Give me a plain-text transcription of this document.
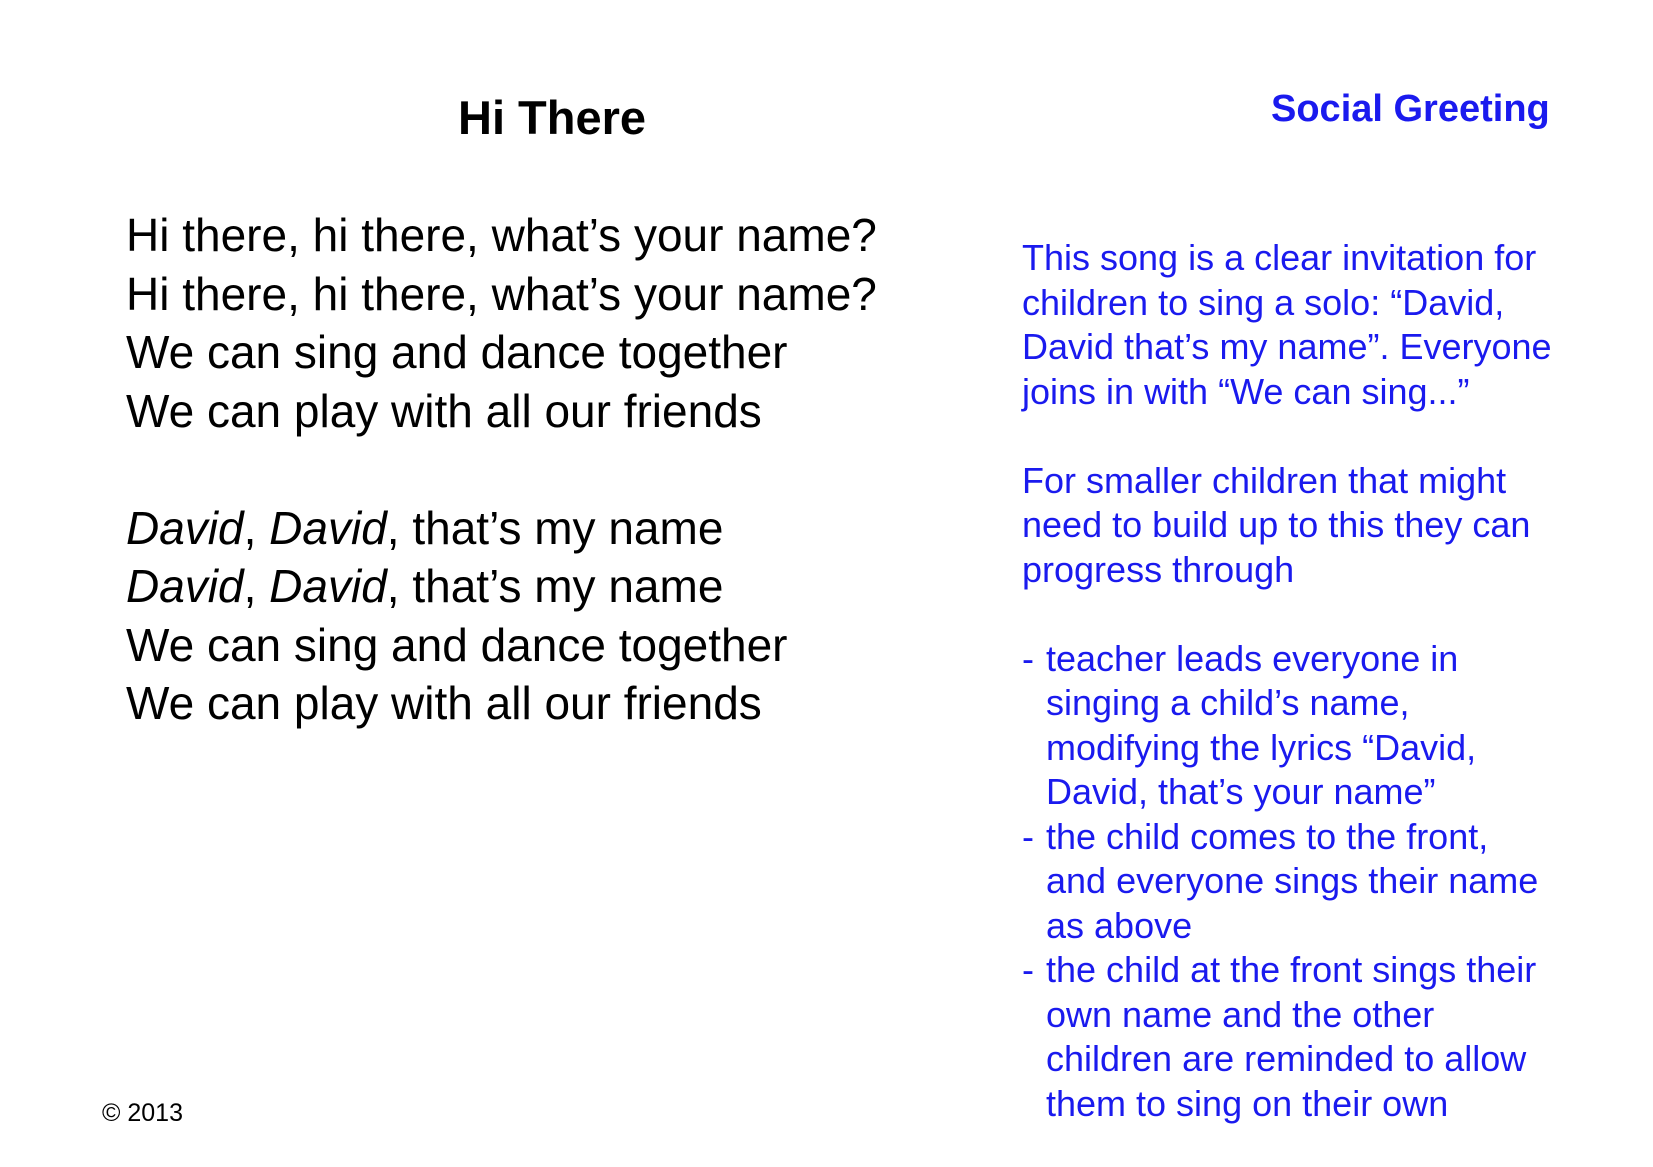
Hi There
Hi there, hi there, what’s your name?
Hi there, hi there, what’s your name?
We can sing and dance together
We can play with all our friends
David, David, that’s my name
David, David, that’s my name
We can sing and dance together
We can play with all our friends
Social Greeting
This song is a clear invitation for
children to sing a solo: “David,
David that’s my name”. Everyone
joins in with “We can sing...”
For smaller children that might
need to build up to this they can
progress through
- teacher leads everyone in
singing a child’s name,
modifying the lyrics “David,
David, that’s your name”
- the child comes to the front,
and everyone sings their name
as above
- the child at the front sings their
own name and the other
children are reminded to allow
them to sing on their own
© 2013
